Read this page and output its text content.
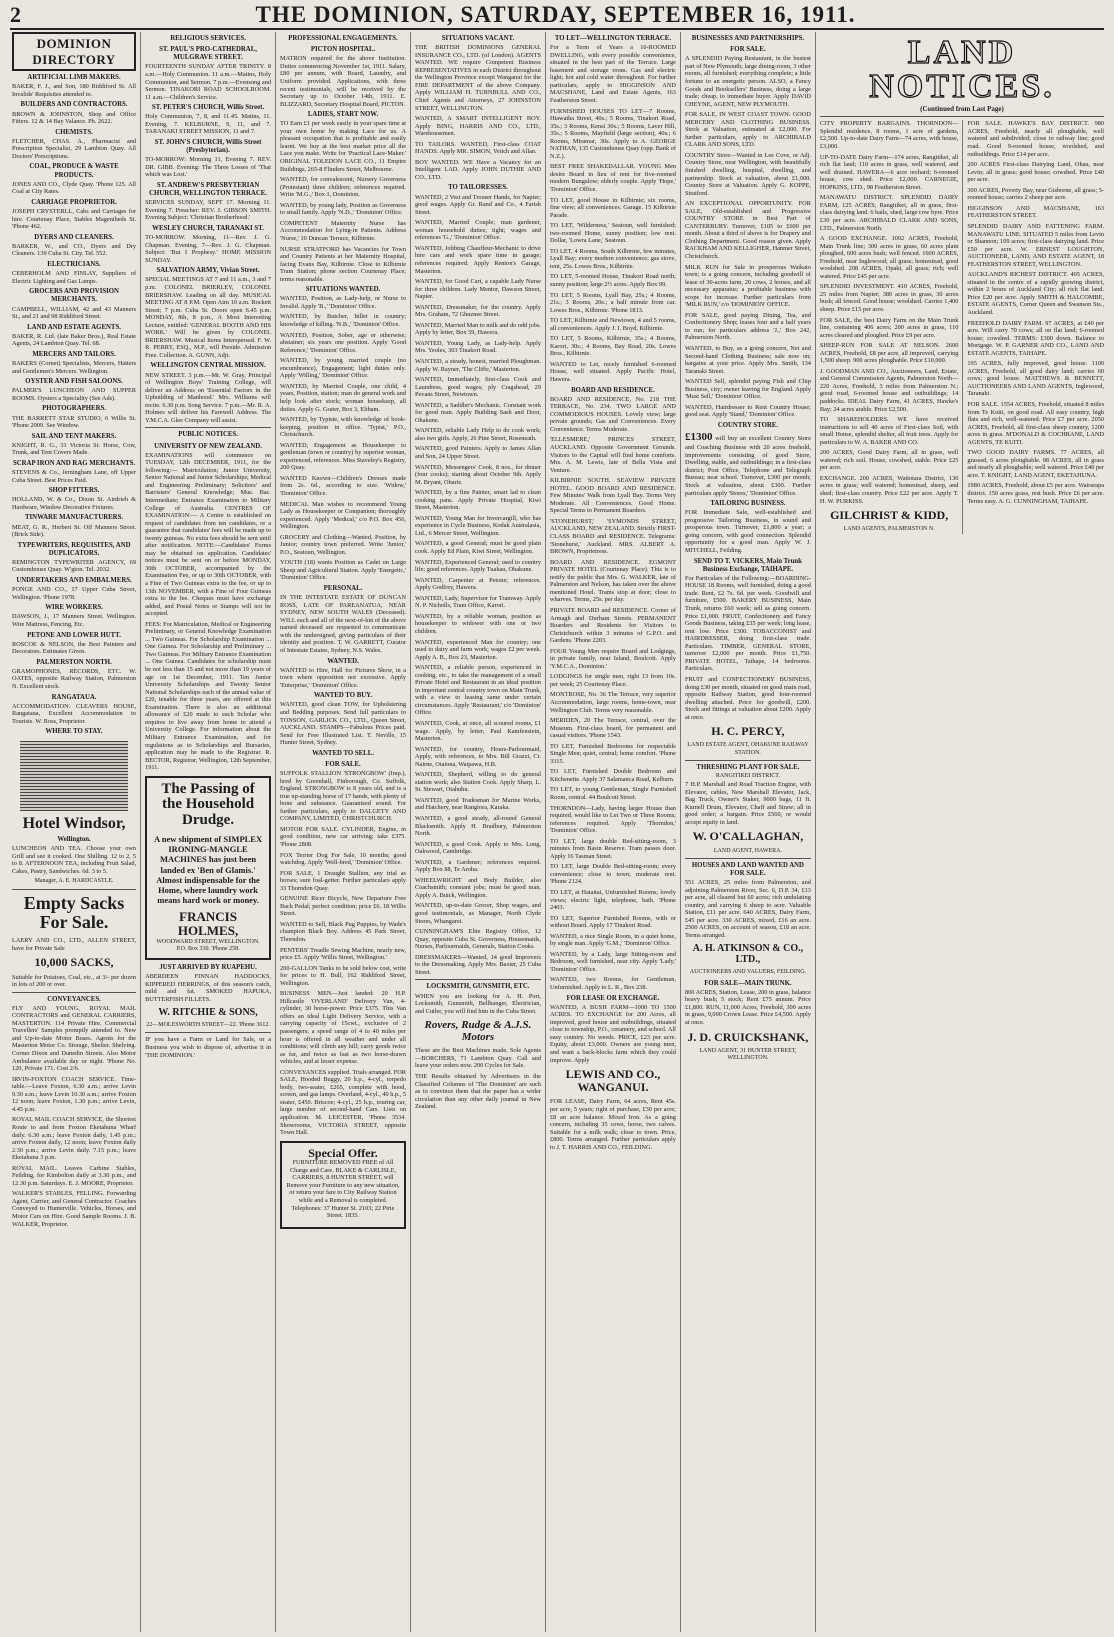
2	THE DOMINION, SATURDAY, SEPTEMBER 16, 1911.
DOMINION DIRECTORY
ARTIFICIAL LIMB MAKERS.
BAKER, F. J., and Son, 180 Riddiford St. All Invalids' Requisites attended to.
BUILDERS AND CONTRACTORS.
BROWN & JOHNSTON, Shop and Office Fitters. 12 & 14 Bay Valance. Ph. 2622.
CHEMISTS.
FLETCHER, CHAS. A., Pharmacist and Prescription Specialist, 29 Lambton Quay. All Doctors' Prescriptions.
COAL, PRODUCE & WASTE PRODUCTS.
JONES AND CO., Clyde Quay. 'Phone 125. All Coal at City Rates.
CARRIAGE PROPRIETOR.
JOSEPH CRYSTERLL, Cabs and Carriages for hire. Courtenay Place, Stables Mageniheds St. 'Phone 462.
DYERS AND CLEANERS.
BARKER, W., and CO., Dyers and Dry Cleaners. 139 Cuba St. City. Tel. 552.
ELECTRICIANS.
CEBERHOLM AND FINLAY, Suppliers of Electric Lighting and Gas Lamps.
GROCERS AND PROVISION MERCHANTS.
CAMPBELL, WILLIAM, 42 and 43 Manners St., and 21 and 98 Riddiford Street.
LAND AND ESTATE AGENTS.
BAKER, R. Ltd. (late Baker Bros.), Real Estate Agents, 24 Lambton Quay. Tel. 68.
MERCERS AND TAILORS.
BAKERS (Cornet) Specialists, Mercers, Hatters and Gentlemen's Mercers. Wellington.
OYSTER AND FISH SALOONS.
PALMER'S LUNCHEON AND SUPPER ROOMS. Oysters a Speciality (See Ads).
PHOTOGRAPHERS.
THE BARRETT STAR STUDIO, 6 Willis St. 'Phone 2009. See Window.
SAIL AND TENT MAKERS.
KNIGHT, R. G., 31 Victoria St. Horse, Cow, Trunk, and Tent Covers Made.
SCRAP IRON AND RAG MERCHANTS.
STEVENS & Co., Jerningham Lane, off Upper Cuba Street. Best Prices Paid.
SHOP FITTERS.
HOLLAND, W. & Co., Dixon St. Airdrieh & Hardware, Window Decorative Fixtures.
TINWARE MANUFACTURERS.
MEAT, G. R., Herbert St. Off Manners Street. (Brick Side).
TYPEWRITERS, REQUISITES, AND DUPLICATORS.
REMINGTON TYPEWRITER AGENCY, 69 Customhouse Quay. W'gton. Tel. 2032.
UNDERTAKERS AND EMBALMERS.
PONGE AND CO., 17 Upper Cuba Street, Wellington. 'Phone 1978.
WIRE WORKERS.
DAWSON, J., 17 Manners Street. Wellington. Wire Mattress, Fencing, Etc.
PETONE AND LOWER HUTT.
ROSCOE & NELSON, the Best Painters and Decorators. Estimates Given.
PALMERSTON NORTH.
GRAMOPHONES, RECORDS, ETC. W. OATES, opposite Railway Station, Palmerston N. Excellent stock.
RANGATAUA.
ACCOMMODATION. CLEAVERS HOUSE, Rangataua, Excellent Accommodation to Tourists. W. Ross, Proprietor.
WHERE TO STAY.
Hotel Windsor,
Wellington.
LUNCHEON AND TEA. Choose your own Grill and see it cooked. One Shilling. 12 to 2, 5 to 8. AFTERNOON TEA, including Fruit Salad, Cakes, Pastry, Sandwiches. 6d. 3 to 5.
Manager, A. E. HARDCASTLE.
Empty Sacks For Sale.
LAERY AND CO., LTD., ALLEN STREET, have for Private Sale
10,000 SACKS,
Suitable for Potatoes, Coal, etc., at 3/- per dozen in lots of 200 or over.
CONVEYANCES.
FLY AND YOUNG, ROYAL MAIL CONTRACTORS and GENERAL CARRIERS, MASTERTON. 114 Private Hire. Commercial Travellers' Samples promptly attended to. New and Up-to-date Motor Buses. Agents for the Masterton Motor Co. Storage, Shelter. Shelving. Corner Dixon and Dunedin Streets. Also Motor Ambulance available day or night. 'Phone No. 120, Private 171. Cost 2/6.
IRVIN-FOXTON COACH SERVICE. Time-table.—Leave Foxton, 6.30 a.m.; arrive Levin 9.30 a.m.; leave Levin 10.30 a.m.; arrive Foxton 12 noon; leave Foxton, 1.30 p.m.; arrive Levin, 4.45 p.m.
ROYAL MAIL COACH SERVICE, the Shortest Route to and from Foxton Eketahuna Wharf daily. 6.30 a.m.; leave Foxton daily, 1.45 p.m.; arrive Foxton daily, 12 noon; leave Foxton daily 2.30 p.m.; arrive Levin daily. 7.15 p.m.; leave Eketahuna 3 p.m.
ROYAL MAIL. Leaves Carbine Stables, Feilding, for Kimbolton daily at 3.30 p.m., and 12.30 p.m. Saturdays. E. J. MOORE, Proprietor.
WALKER'S STABLES, FELLING. Forwarding Agent, Carrier, and General Contractor. Coaches Conveyed to Hunterville. Vehicles, Horses, and Motor Cars on Hire. Good Sample Rooms. J. B. WALKER, Proprietor.
RELIGIOUS SERVICES.
ST. PAUL'S PRO-CATHEDRAL, MULGRAVE STREET.
FOURTEENTH SUNDAY AFTER TRINITY. 8 a.m.—Holy Communion. 11 a.m.—Matins, Holy Communion, and Sermon. 7 p.m.—Evensong and Sermon. TINAKORI ROAD SCHOOLROOM. 11 a.m.—Children's Service.
ST. PETER'S CHURCH, Willis Street.
Holy Communion, 7, 8, and 11.45. Matins, 11. Evening, 7. KELBURNE, 9, 11, and 7. TARANAKI STREET MISSION, 11 and 7.
ST. JOHN'S CHURCH, Willis Street (Presbyterian).
TO-MORROW: Morning 11, Evening 7. REV. DR. GIBB. Evening: The Three Losses of 'That which was Lost.'
ST. ANDREW'S PRESBYTERIAN CHURCH, WELLINGTON TERRACE.
SERVICES SUNDAY, SEPT 17. Morning 11. Evening 7. Preacher: REV. J. GIBSON SMITH. Evening Subject: 'Christian Brotherhood.'
WESLEY CHURCH, TARANAKI ST.
TO-MORROW. Morning, 11—Rev. J. G. Chapman. Evening, 7—Rev. J. G. Chapman. Subject: 'But I Prophesy.' HOME MISSION SUNDAY.
SALVATION ARMY, Vivian Street.
SPECIAL MEETINGS AT 7 and 11 a.m., 3 and 7 p.m. COLONEL BRIERLEY, COLONEL BRIERSHAW. Leading on all day. MUSICAL MEETING AT 8 P.M. Open Aim 10 a.m. Rockett Street; 7 p.m. Cuba St. Doors open 6.45 p.m. MONDAY, 8th, 8 p.m., A Most Interesting Lecture, entitled: 'GENERAL BOOTH AND HIS WORK.' Will be given by COLONEL BRIERSHAW. Musical Items Interspersed. F. W. R. PERRY, ESQ., M.P., will Preside. Admission Free. Collection. A. GUNN, Adjt.
WELLINGTON CENTRAL MISSION.
NEW STREET. 3 p.m.—Mr. W. Gray, Principal of Wellington Boys' Training College, will deliver an Address on 'Essential Factors in the Upbuilding of Manhood.' Mrs. Williams will recite. 6.30 p.m. Song Service. 7 p.m.—Mr. R. A. Holmes will deliver his Farewell Address. The Y.M.C.A. Glee Company will assist.
PUBLIC NOTICES.
UNIVERSITY OF NEW ZEALAND.
EXAMINATIONS will commence on TUESDAY, 12th DECEMBER, 1911, for the following:— Matriculation; Junior University, Senior National and Junior Scholarships; Medical and Engineering Preliminary; Solicitors' and Barristers' General Knowledge; Mus. Bac. Intermediate; Entrance Examination to Military College of Australia. CENTRES OF EXAMINATION:— A Centre is established on request of candidates from ten candidates, or a guarantee that candidates' fees will be made up to twenty guineas. No extra fees should be sent until after notification. NOTE:—Candidates' Forms may be obtained on application. Candidates' notices must be sent on or before MONDAY, 30th OCTOBER, accompanied by the Examination Fee, or up to 30th OCTOBER, with a Fine of Two Guineas extra to the fee, or up to 13th NOVEMBER, with a Fine of Four Guineas extra to the fee. Cheques must have exchange added, and Postal Notes or Stamps will not be accepted.
FEES: For Matriculation, Medical or Engineering Preliminary, or General Knowledge Examination ... Two Guineas. For Scholarship Examination ... One Guinea. For Scholarship and Preliminary ... Two Guineas. For Military Entrance Examination ... One Guinea. Candidates for scholarship must be not less than 15 and not more than 19 years of age on 1st December, 1911. Ten Junior University Scholarships and Twenty Senior National Scholarships each of the annual value of £20, tenable for three years, are offered at this Examination. There is also an additional allowance of £20 made to each Scholar who requires to live away from home to attend a University College. For information about the Military Entrance Examination, and for regulations as to Scholarships and Bursaries, application may be made to the Registrar. R. BECTOR, Registrar, Wellington, 12th September, 1911.
The Passing of the Household Drudge.
A new shipment of SIMPLEX IRONING-MANGLE MACHINES has just been landed ex 'Ben of Glamis.' Almost indispensable for the Home, where laundry work means hard work or money.
FRANCIS HOLMES,
WOODWARD STREET, WELLINGTON. P.O. Box 330. 'Phone 258.
JUST ARRIVED BY RUAPEHU.
ABERDEEN FINNAN HADDOCKS, KIPPERED HERRINGS, of this season's catch, mild and fat. SMOKED HAPUKA, BUTTERFISH FILLETS.
W. RITCHIE & SONS,
22—MOLESWORTH STREET—22. 'Phone 3612.
IF you have a Farm or Land for Sale, or a Business you wish to dispose of, advertise it in 'THE DOMINION.'
PROFESSIONAL ENGAGEMENTS.
PICTON HOSPITAL.
MATRON required for the above Institution. Duties commencing November 1st, 1911. Salary, £80 per annum, with Board, Laundry, and Uniform provided. Applications, with three recent testimonials, will be received by the Secretary up to October 14th, 1911. E. BLIZZARD, Secretary Hospital Board, PICTON.
LADIES, START NOW.
TO Earn £1 per week easily in your spare time at your own home by making Lace for us. A pleasant occupation that is profitable and easily learnt. We buy at the best market price all the Lace you make. Write for 'Practical Lace-Maker.' ORIGINAL TOLEDON LACE CO., 11 Empire Buildings, 265-8 Flinders Street, Melbourne.
WANTED, for convalescent, Nursery Governess (Protestant) three children; references required. Write 'M.G.,' Box 1, Dominion.
WANTED, by young lady, Position as Governess to small family. Apply 'N.D.,' 'Dominion' Office.
COMPETENT Maternity Nurse has Accommodation for Lying-in Patients. Address 'Nurse,' 10 Duncan Terrace, Kilbirnie.
NURSE STRATFORD has Vacancies for Town and Country Patients at her Maternity Hospital, facing Evans Bay, Kilbirnie. Close to Kilbirnie Tram Station; phone section Courtenay Place; terms reasonable.
SITUATIONS WANTED.
WANTED, Position, as Lady-help, or Nurse to Invalid. Apply 'B.,' 'Dominion' Office.
WANTED, by Butcher, billet in country; knowledge of killing. 'N.B.,' 'Dominion' Office.
WANTED, Position, Sober, age or otherwise; abstainer; six years one position. Apply 'Good Reference,' 'Dominion' Office.
WANTED, by young married couple (no encumbrance), Engagement; light duties only. Apply 'Willing,' 'Dominion' Office.
WANTED, by Married Couple, one child, 4 years, Position, station; man do general work and help look after stock; woman housekeep, all duties. Apply G. Grater, Box 3, Eltham.
WANTED, by Typiste, with knowledge of book-keeping, position in office. 'Typist,' P.O., Christchurch.
WANTED, Engagement as Housekeeper to gentleman (town or country) by superior woman, experienced, references. Miss Staveley's Registry, 200 Quay.
WANTED Known—Children's Dresses made from 2s. 6d., according to size. 'Widow,' 'Dominion' Office.
MEDICAL Man wishes to recommend Young Lady as Housekeeper or Companion; thoroughly experienced. Apply 'Medical,' c/o P.O. Box 456, Wellington.
GROCERY and Clothing—Wanted, Position, by Junior; country town preferred. Write 'Junior,' P.O., Seatoun, Wellington.
YOUTH (18) wants Position as Cadet on Large Sheep and Agricultural Station. Apply 'Energetic,' 'Dominion' Office.
PERSONAL.
IN THE INTESTATE ESTATE OF DUNCAN ROSS, LATE OF PAREANATUA, NEAR SYDNEY, NEW SOUTH WALES (Deceased). WILL each and all of the next-of-kin of the above named deceased are requested to communicate with the undersigned, giving particulars of their identity and position. T. W. GARRETT, Curator of Intestate Estates, Sydney, N.S. Wales.
WANTED.
WANTED to Hire, Hall for Pictures Show, in a town where opposition not excessive. Apply 'Enterprise,' 'Dominion' Office.
WANTED TO BUY.
WANTED, good clean TOW, for Upholstering and Bedding purposes. Send full particulars to TONSON, GARLICK CO., LTD., Queen Street, AUCKLAND. STAMPS—Fabulous Prices paid. Send for Free Illustrated List. T. Neville, 15 Hunter Street, Sydney.
WANTED TO SELL.
FOR SALE.
SUFFOLK STALLION 'STRONGBOW' (Imp.), bred by Greenhall, Finborough, Co. Suffolk, England. STRONGBOW is 8 years old, and is a true up-standing horse of 17 hands, with plenty of bone and substance. Guaranteed sound. For further particulars, apply to DALGETY AND COMPANY, LIMITED, CHRISTCHURCH.
MOTOR FOR SALE. CYLINDER, Engine, in good condition, new car arriving; take £375. 'Phone 2808.
FOX Terrier Dog For Sale, 10 months; good watchdog. Apply 'Well-bred,' 'Dominion' Office.
FOR SALE, 1 Draught Stallion, any trial as horses; sure foal-getter. Further particulars apply 33 Thorndon Quay.
GENUINE Ricer Bicycle, New Departure Free Back Pedal; perfect condition; price £6. 18 Willis Street.
WANTED to Sell, Black Pug Puppies, by Wade's champion Black Boy. Address 45 Park Street, Thorndon.
PENTERS' Treadle Sewing Machine, nearly new, price £5. Apply 'Willis Street, Wellington.'
200-GALLON Tanks to be sold below cost, write for prices to H. Bull, 162 Riddiford Street, Wellington.
BUSINESS MEN—Just landed: 20 H.P. Hillcastle 'OVERLAND' Delivery Van, 4-cylinder, 30 horse-power. Price £375. This Van offers an ideal Light Delivery Service, with a carrying capacity of 15cwt., exclusive of 2 passengers; a speed range of 4 to 40 miles per hour is offered in all weather and under all conditions; will climb any hill; carry goods twice as far, and twice as fast as two horse-drawn vehicles, and at lesser expense.
CONVEYANCES supplied. Trials arranged. FOR SALE, Hooded Buggy, 20 h.p., 4-cyl., torpedo body, two-seater, £265, complete with hood, screen, and gas lamps. Overland, 4-cyl., 40 h.p., 5 seater, £450. Briscoe; 4-cyl., 25 h.p., touring car, large number of second-hand Cars. Lists on application. M. LEICESTER, 'Phone 3534. Showrooms, VICTORIA STREET, opposite Town Hall.
Special Offer.
FURNITURE REMOVED FREE of All Charge and Care. BLAKE & CARLISLE, CARRIERS, 8 HUNTER STREET, will Remove your Furniture to any new situation, or return your fare to City Railway Station while and a Removal is completed. Telephones: 37 Hunter St. 2103; 22 Pirie Street. 1835.
SITUATIONS VACANT.
THE BRITISH DOMINIONS GENERAL INSURANCE CO., LTD. (of London). AGENTS WANTED. WE require Competent Business REPRESENTATIVES in each District throughout the Wellington Province except Wanganui for the FIRE DEPARTMENT of the above Company. Apply WILLIAM H. TURNBULL AND CO., Chief Agents and Attorneys, 27 JOHNSTON STREET, WELLINGTON.
WANTED, A SMART INTELLIGENT BOY. Apply BING, HARRIS AND CO., LTD., Warehousemen.
TO TAILORS. WANTED, First-class COAT HANDS. Apply MR. SIMON, Veitch and Allan.
BOY WANTED. WE Have a Vacancy for an Intelligent LAD. Apply JOHN DUTHIE AND CO., LTD.
TO TAILORESSES.
WANTED, 2 Vest and Trouser Hands, for Napier; good wages. Apply Gr. Rand and Co., 4 Farish Street.
WANTED, Married Couple; man gardener, woman household duties; tight; wages and references 'G.,' 'Dominion' Office.
WANTED, Jobbing Chauffeur-Mechanic to drive hire cars and work spare time in garage; references required. Apply Renton's Garage, Masterton.
WANTED, for Good Cart, a capable Lady Nurse for three children. Lady Mentor, Dawson Street, Napier.
WANTED, Dressmaker, for the country. Apply Mrs. Graham, 72 Ghuznee Street.
WANTED, Married Man to milk and do odd jobs. Apply by letter, Box 59, Hawera.
WANTED, Young Lady, as Lady-help. Apply Mrs. Yeoles, 303 Tinakori Road.
WANTED, a steady, honest, married Ploughman. Apply W. Rayner, 'The Cliffe,' Masterton.
WANTED, Immediately, first-class Cook and Laundress, good wages; ply Cragshead, 29 Pevans Street, Newtown.
WANTED, a Saddler's Mechanic. Constant work for good man. Apply Building Sash and Door, Ohakune.
WANTED, reliable Lady Help to do cook work; also two girls. Apply, 26 Pine Street, Roseneath.
WANTED, good Painters. Apply to James Allan and Son, 24 Upper Street.
WANTED, Messengers' Cook, 8 nos., for dinner (four cooks); starting about October 9th. Apply M. Bryant, Oharie.
WANTED, by a fine Painter, smart lad to clean cooking pans. Apply Private Hospital, Kiwi Street, Masterton.
WANTED, Young Man for Invercargill, who has experience in Cycle Business, Kodak Australasia, Ltd., 6 Mercer Street, Wellington.
WANTED, a good General; must be good plain cook. Apply Ed Plain, Kiwi Street, Wellington.
WANTED, Experienced General; used to country life; good references. Apply Tuakau, Ohakune.
WANTED, Carpenter at Petone; references. Apply Godfrey, Hawera.
WANTED, Lady, Supervisor for Tramway. Apply N. P. Nicholls, Tram Office, Karori.
WANTED, by a reliable woman, position as housekeeper to widower with one or two children.
WANTED, experienced Man for country; one used to dairy and farm work; wages £2 per week. Apply A. B., Box 23, Masterton.
WANTED, a reliable person, experienced in cooking, etc., to take the management of a small Private Hotel and Restaurant in an ideal position in important central country town on Main Trunk, with a view to leasing same under certain circumstances. Apply 'Restaurant,' c/o 'Dominion' Office.
WANTED, Cook, at once, all scoured rooms, £1 wage. Apply, by letter, Paul Kamfenstein, Masterton.
WANTED, for country, Hours-Parlourmaid, Apply, with references, to Mrs. Bill Grazzi, Cr. Nairne, Otaiona, Waipawa, H.B.
WANTED, Shepherd, willing to do general station work; also Station Cook. Apply Sharp, L. St. Stewart, Otahuhu.
WANTED, good Tradesman for Marine Works, and Hatchery, near Rangiora, Karaka.
WANTED, a good steady, all-round General Blacksmith. Apply H. Bradbury, Palmerston North.
WANTED, a good Cook. Apply to Mrs. Long, Oakwood, Cambridge.
WANTED, a Gardener; references required. Apply Box 88, Te Aroha.
WHEELWRIGHT and Body Builder, also Coachsmith; constant jobs; must be good man. Apply A. Buick, Wellington.
WANTED, up-to-date Grocer, Shop wages, and good testimonials, as Manager, North Clyde Stores, Whangarei.
CUNNINGHAM'S Elite Registry Office, 12 Quay, opposite Cuba St. Governess, Housemaids, Nurses, Parlourmaids, Generals, Station Cooks.
DRESSMAKERS—Wanted, 14 good Improvers to the Dressmaking. Apply Mrs. Baxter, 25 Cuba Street.
LOCKSMITH, GUNSMITH, ETC.
WHEN you are looking for A. H. Port, Locksmith, Gunsmith, Bellhanger, Electrician, and Cutler, you will find him in the Cuba Street.
Rovers, Rudge & A.J.S. Motors
These are the Best Machines made. Sole Agents—BORCHERS, 71 Lambton Quay. Call and leave your orders now. 200 Cycles for Sale.
THE Results obtained by Advertisers in the Classified Columns of 'The Dominion' are such as to convince them that the paper has a wider circulation than any other daily journal in New Zealand.
TO LET—WELLINGTON TERRACE.
For a Term of Years a 10-ROOMED DWELLING, with every possible convenience, situated in the best part of the Terrace. Large basement and storage room. Gas and electric light; hot and cold water throughout. For further particulars, apply to HIGGINSON AND MACSHANE, Land and Estate Agents, 163 Featherston Street.
FURNISHED HOUSES TO LET—7 Rooms, Hiawatha Street, 40s.; 5 Rooms, Tinakori Road, 35s.; 3 Rooms, Kensi 30s.; 5 Rooms, Laver Hill, 35s.; 5 Rooms, Mayfield (large section), 40s.; 6 Rooms, Miramar, 30s. Apply to A. GEORGE NATHAN, 135 Customhouse Quay (opp. Bank of N.Z.).
BEST FREE SHAKEDALLAR. YOUNG Men desire Board in lieu of rent for five-roomed modern Bungalow; elderly couple. Apply 'Hope,' 'Dominion' Office.
TO LET, good House in Kilbirnie; six rooms, fine view; all conveniences. Garage. 15 Kilbirnie Parade.
TO LET, 'Wilderness,' Seatoun, well furnished; two-roomed Home, sunny position; low rent. Dollar, 'Lowra Lane,' Seatoun.
TO LET, 4 Rooms, South Kilbirnie, few minutes, Lyall Bay; every modern convenience; gas stove, rent, 25s. Lowes Bros., Kilbirnie.
TO LET, 5-roomed House, Tinakori Road north; sunny position; large 2½ acres. Apply Box 99.
TO LET, 5 Rooms, Lyall Bay, 25s.; 4 Rooms, 21s.; 3 Rooms, 20s.; a half minute from car. Lowes Bros., Kilbirnie. 'Phone 1813.
TO LET, Kilbirnie and Newtown, 4 and 5 rooms, all conveniences. Apply J. I. Boyd, Kilbirnie.
TO LET, 5 Rooms, Kilbirnie, 35s.; 4 Rooms, Karori, 30s.; 4 Rooms, Bay Road, 20s. Lowes Bros., Kilbirnie.
WANTED to Let, nicely furnished 6-roomed House, well situated. Apply Pacific Hotel, Hawera.
BOARD AND RESIDENCE.
BOARD AND RESIDENCE, No. 218 THE TERRACE, No. 234. TWO LARGE AND COMMODIOUS HOUSES. Lovely view; large private grounds; Gas and Conveniences. Every Convenience. Terms Moderate.
'ELLESMERE,' PRINCES STREET, AUCKLAND. Opposite Government Grounds. Visitors to the Capital will find home comforts. Mrs. A. M. Lewis, late of Bella Vista and Venture.
KILBIRNIE SOUTH. SEAVIEW PRIVATE HOTEL. GOOD BOARD AND RESIDENCE. Few Minutes' Walk from Lyall Bay. Terms Very Moderate. All Conveniences. Good Home. Special Terms to Permanent Boarders.
'STONEHURST,' 'SYMONDS STREET, AUCKLAND, NEW ZEALAND. Strictly FIRST-CLASS BOARD and RESIDENCE. Telegrams: 'Stonehurst,' Auckland. MRS. ALBERT A. BROWN, Proprietress.
BOARD AND RESIDENCE. EGMONT PRIVATE HOTEL (Courtenay Place). This is to notify the public that Mrs. G. WALKER, late of Palmerston and Nelson, has taken over the above mentioned Hotel. Trams stop at door; close to wharves. Terms, 25s. per day.
PRIVATE BOARD and RESIDENCE. Corner of Armagh and Durham Streets. PERMANENT Boarders and Residents for Visitors to Christchurch within 3 minutes of G.P.O. and Gardens. 'Phone 2203.
FOUR Young Men require Board and Lodgings, in private family, near Island, Boulcott. Apply 'Y.M.C.A., Dominion.'
LODGINGS for single men, right 13 from 10s. per week; 25 Courtenay Place.
MONTROSE, No. 36 The Terrace, very superior Accommodation, large rooms, home-town, near Wellington Club. Terms very reasonable.
MERIDEN, 20 The Terrace, central, over the Museum. First-class board, for permanent and casual visitors. 'Phone 1543.
TO LET, Furnished Bedrooms for respectable Single Men; quiet, central; home comfort. 'Phone 3315.
TO LET, Furnished Double Bedroom and Kitchenette. Apply 37 Salamanca Road, Kelburn.
TO LET, to young Gentleman, Single Furnished Room, central. 44 Boulcott Street.
THORNDON—Lady, having larger House than required, would like to Let Two or Three Rooms; references required. Apply 'Thorndon,' 'Dominion' Office.
TO LET, large double Bed-sitting-room, 3 minutes from Basin Reserve. Tram passes door. Apply 16 Tasman Street.
TO LET, large Double Bed-sitting-room; every convenience; close to town; moderate rent. 'Phone 2124.
TO LET, at Hataitai, Unfurnished Rooms; lovely views; electric light, telephone, bath. 'Phone 2403.
TO LET, Superior Furnished Rooms, with or without Board. Apply 17 Tinakori Road.
WANTED, a nice Single Room, in a quiet home, by single man. Apply 'G.M.,' 'Dominion' Office.
WANTED, by a Lady, large Sitting-room and Bedroom, well furnished, near city. Apply 'Lady,' 'Dominion' Office.
WANTED, two Rooms, for Gentleman, Unfurnished. Apply to L. R., Box 238.
FOR LEASE OR EXCHANGE.
WANTED, A BUSH FARM—1000 TO 1500 ACRES. TO EXCHANGE for 200 Acres, all improved, good house and outbuildings, situated close to township, P.O., creamery, and school. All easy country. No weeds. PRICE, £23 per acre. Equity, about £3,000. Owners are young men, and want a back-blocks farm which they could improve. Apply
LEWIS AND CO., WANGANUI.
FOR LEASE, Dairy Farm, 64 acres, Rent 45s. per acre, 5 years; right of purchase, £30 per acre; £8 an acre balance. Mixed Iron. As a going concern, including 35 cows, horse, two calves. Suitable for a milk walk; close to town. Price, £800. Terms arranged. Further particulars apply to J. T. HARRIS AND CO., FEILDING.
BUSINESSES AND PARTNERSHIPS.
FOR SALE.
A SPLENDID Paying Restaurant, in the busiest part of New Plymouth; large dining-room, 3 other rooms, all furnished; everything complete; a little fortune to an energetic person. ALSO, a Fancy Goods and Booksellers' Business, doing a large trade; cheap, to immediate buyer. Apply DAVID CHEYNE, AGENT, NEW PLYMOUTH.
FOR SALE, IN WEST COAST TOWN. GOOD MERCERY AND CLOTHING BUSINESS. Stock at Valuation, estimated at £2,000. For further particulars, apply to ARCHIBALD CLARK AND SONS, LTD.
COUNTRY Store—Wanted in Lee Cove, or Adj. Country Store, near Wellington, with beautifully finished dwelling, hospital, dwelling, and partnership. Stock at valuation, about £1,000. Country Store at Valuation. Apply G. KOPPE, Stratford.
AN EXCEPTIONAL OPPORTUNITY. FOR SALE, Old-established and Progressive COUNTRY STORE in Best Part of CANTERBURY. Turnover, £105 to £600 per month. About a third of above is for Drapery and Clothing Department. Good reason given. Apply RACKHAM AND KELLIGHER, Hanmer Street, Christchurch.
MILK RUN for Sale in prosperous Waikato town; is a going concern, including goodwill of lease of 30-acres farm, 20 cows, 2 horses, and all necessary apparatus; a profitable business with scope for increase. Further particulars from 'MILK RUN,' c/o 'DOMINION' OFFICE.
FOR SALE, good paying Dining, Tea, and Confectionery Shop; leases four and a half years to run; for particulars address 'J.,' Box 242, Palmerston North.
WANTED, to Buy, as a going concern, Net and Second-hand Clothing Business; sale now on; bargains at your price. Apply Mrs. Smith, 134 Taranaki Street.
WANTED Sell, splendid paying Fish and Chip Business, city; owner leaving for England. Apply 'Must Sell,' 'Dominion' Office.
WANTED, Hairdresser to Rent Country House; good seat. Apply 'Stand,' 'Dominion' Office.
COUNTRY STORE.
£1300 will buy an excellent Country Store and Coaching Business with 20 acres freehold, improvements consisting of good Store, Dwelling, stable, and outbuildings; in a first-class district; Post Office, Telephone and Telegraph Bureau; near school. Turnover, £300 per month; Stock at valuation, about £300. Further particulars apply 'Stores,' 'Dominion' Office.
TAILORING BUSINESS.
FOR Immediate Sale, well-established and progressive Tailoring Business, in sound and prosperous town. Turnover, £1,800 a year; a going concern, with good connection. Splendid opportunity for a good man. Apply W. J. MITCHELL, Feilding.
SEND TO T. VICKERS, Main Trunk Business Exchange, TAIHAPE.
For Particulars of the Following:—BOARDING-HOUSE 18 Rooms, well furnished, doing a good trade. Rent, £2 7s. 6d. per week. Goodwill and furniture, £500. BAKERY BUSINESS, Main Trunk, returns £60 week; sell as going concern. Price £1,000. FRUIT, Confectionery and Fancy Goods Business, taking £35 per week; long lease, rent low. Price £300. TOBACCONIST and HAIRDRESSER, doing first-class trade. Particulars. TIMBER, GENERAL STORE, turnover £2,000 per month. Price £1,750. PRIVATE HOTEL, Taihape, 14 bedrooms. Particulars.
FRUIT and CONFECTIONERY BUSINESS, doing £30 per month, situated on good main road, opposite Railway Station, good four-roomed dwelling attached. Price for goodwill, £200. Stock and fittings at valuation about £200. Apply at once.
H. C. PERCY,
LAND ESTATE AGENT, OHAKUNE RAILWAY STATION.
THRESHING PLANT FOR SALE.
RANGITIKEI DISTRICT.
7 H.P. Marshall and Road Traction Engine, with Elevator, cables, New Marshall Elevator, Jack, Bag Truck, Owner's Staker, 9000 bags, 11 ft. Kurnell Drum, Elevator, Chaff and Straw; all in good order; a bargain. Price £560, or would accept equity in land.
W. O'CALLAGHAN,
LAND AGENT, HAWERA.
HOUSES AND LAND WANTED AND FOR SALE.
551 ACRES, 25 miles from Palmerston, and adjoining Palmerston River, Sec. 6, D.P. 34, £13 per acre, all cleared but 60 acres; rich undulating country, and carrying 6 sheep to acre. Valuable Station, £11 per acre. 640 ACRES, Dairy Farm, £45 per acre. 330 ACRES, mixed, £16 an acre. 2500 ACRES, on account of season, £18 an acre. Terms arranged.
A. H. ATKINSON & CO., LTD.,
AUCTIONEERS AND VALUERS, FEILDING.
FOR SALE—MAIN TRUNK.
800 ACRES, Station, Lease, 200 in grass, balance heavy bush; 5 stock; Rent £75 annum. Price £1,800. RUN, 11,000 Acres, Freehold, 300 acres in grass, 9,000 Crown Lease. Price £4,500. Apply at once.
J. D. CRUICKSHANK,
LAND AGENT, 31 HUNTER STREET, WELLINGTON.
LAND NOTICES.
(Continued from Last Page)
CITY PROPERTY BARGAINS. THORNDON—Splendid residence, 8 rooms, 1 acre of gardens, £2,500. Up-to-date Dairy Farm—74 acres, with house, £3,000.
UP-TO-DATE Dairy Farm—174 acres, Rangitikei, all rich flat land; 110 acres in grass, well watered, and well drained. HAWERA—6 acre orchard; 6-roomed house, cow shed. Price £2,000. CARNEGIE, HOPKINS, LTD., 98 Featherston Street.
MANAWATU DISTRICT. SPLENDID DAIRY FARM, 125 ACRES, Rangitikei, all in grass, first-class dairying land. 6 bails, shed, large cow byre. Price £30 per acre. ARCHIBALD CLARK AND SONS, LTD., Palmerston North.
A GOOD EXCHANGE. 1092 ACRES, Freehold, Main Trunk line; 300 acres in grass, 60 acres plain ploughed, 600 acres bush; well fenced. 1600 ACRES, Freehold, near Inglewood; all grass; homestead, good woolshed. 208 ACRES, Opaki, all grass; rich; well watered. Price £45 per acre.
SPLENDID INVESTMENT. 410 ACRES, Freehold, 25 miles from Napier; 380 acres in grass, 30 acres bush; all fenced. Good house; woolshed. Carries 1,400 sheep. Price £15 per acre.
FOR SALE, the best Dairy Farm on the Main Trunk line, containing 406 acres; 200 acres in grass, 110 acres cleared and ploughed. Price £9 per acre.
SHEEP-RUN FOR SALE AT NELSON. 2600 ACRES, Freehold, £8 per acre, all improved, carrying 1,500 sheep. 900 acres ploughable. Price £10,000.
J. GOODMAN AND CO., Auctioneers, Land, Estate, and General Commission Agents, Palmerston North—220 Acres, Freehold, 3 miles from Palmerston N.; good road, 6-roomed house and outbuildings; 14 paddocks. IDEAL Dairy Farm, 41 ACRES, Hawke's Bay; 24 acres arable. Price £2,500.
TO SHAREHOLDERS. WE have received instructions to sell 40 acres of First-class Soil, with small House, splendid shelter, all fruit trees. Apply for particulars to W. A. BAKER AND CO.
200 ACRES, Good Dairy Farm, all in grass, well watered; rich soil. House, cowshed, stable. Price £25 per acre.
EXCHANGE. 200 ACRES, Waitotara District, 130 acres in grass; well watered; homestead, sheep, and shed; first-class country. Price £22 per acre. Apply T. H. W. PURKISS.
GILCHRIST & KIDD,
LAND AGENTS, PALMERSTON N.
FOR SALE. HAWKE'S BAY DISTRICT. 980 ACRES, Freehold, nearly all ploughable, well watered and subdivided; close to railway line; good road. Good 9-roomed house, woolshed, and outbuildings. Price £14 per acre.
200 ACRES First-class Dairying Land, Ohau, near Levin; all in grass; good house; cowshed. Price £40 per acre.
300 ACRES, Poverty Bay, near Gisborne, all grass; 5-roomed house; carries 2 sheep per acre.
HIGGINSON AND MACSHANE, 163 FEATHERSTON STREET.
SPLENDID DAIRY AND FATTENING FARM. MANAWATU LINE. SITUATED 5 miles from Levin or Shannon; 109 acres; first-class dairying land. Price £50 per acre. W. ERNEST LOUGHTON, AUCTIONEER, LAND, AND ESTATE AGENT, 18 FEATHERSTON STREET, WELLINGTON.
AUCKLAND'S RICHEST DISTRICT. 405 ACRES, situated in the centre of a rapidly growing district, within 2 hours of Auckland City; all rich flat land. Price £20 per acre. Apply SMITH & HALCOMBE, ESTATE AGENTS, Corner Queen and Swanson Sts., Auckland.
FREEHOLD DAIRY FARM. 97 ACRES, at £40 per acre. Will carry 70 cows; all on flat land; 6-roomed house; cowshed. TERMS: £300 down. Balance to Mortgage. W. P. GARNER AND CO., LAND AND ESTATE AGENTS, TAIHAPE.
195 ACRES, fully improved, good house. 1100 ACRES, Freehold, all good dairy land; carries 60 cows; good house. MATTHEWS & BENNETT, AUCTIONEERS AND LAND AGENTS, Inglewood, Taranaki.
FOR SALE. 1554 ACRES, Freehold, situated 8 miles from Te Kuiti, on good road. All easy country, high flats and rich, well-watered. Price £7 per acre. 2050 ACRES, Freehold, all first-class sheep country, 1200 acres in grass. M'DONALD & COCHRANE, LAND AGENTS, TE KUITI.
TWO GOOD DAIRY FARMS. 77 ACRES, all grassed, 6 acres ploughable. 98 ACRES, all in grass and nearly all ploughable; well watered. Price £40 per acre. T. KNIGHT, LAND AGENT, EKETAHUNA.
1980 ACRES, Freehold, about £5 per acre. Wairarapa district. 150 acres grass, rest bush. Price £6 per acre. Terms easy. A. G. CUNNINGHAM, TAIHAPE.
